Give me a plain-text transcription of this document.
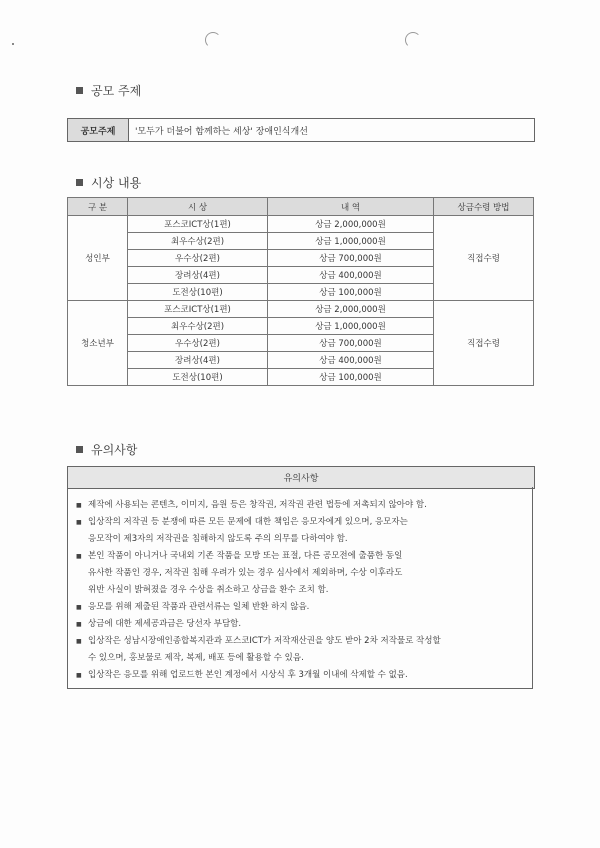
공모 주제
공모주제	'모두가 더불어 함께하는 세상' 장애인식개선
시상 내용
구 분	시 상	내 역	상금수령 방법
성인부	포스코ICT상(1편)	상금 2,000,000원	직접수령
	최우수상(2편)	상금 1,000,000원	
	우수상(2편)	상금 700,000원	
	장려상(4편)	상금 400,000원	
	도전상(10편)	상금 100,000원	
청소년부	포스코ICT상(1편)	상금 2,000,000원	직접수령
	최우수상(2편)	상금 1,000,000원	
	우수상(2편)	상금 700,000원	
	장려상(4편)	상금 400,000원	
	도전상(10편)	상금 100,000원	
유의사항
유의사항
■ 제작에 사용되는 콘텐츠, 이미지, 음원 등은 창작권, 저작권 관련 법등에 저촉되지 않아야 함.
■ 입상작의 저작권 등 분쟁에 따른 모든 문제에 대한 책임은 응모자에게 있으며, 응모자는
응모작이 제3자의 저작권을 침해하지 않도록 주의 의무를 다하여야 함.
■ 본인 작품이 아니거나 국내외 기존 작품을 모방 또는 표절, 다른 공모전에 출품한 동일
유사한 작품인 경우, 저작권 침해 우려가 있는 경우 심사에서 제외하며, 수상 이후라도
위반 사실이 밝혀졌을 경우 수상을 취소하고 상금을 환수 조치 함.
■ 응모를 위해 제출된 작품과 관련서류는 일체 반환 하지 않음.
■ 상금에 대한 제세공과금은 당선자 부담함.
■ 입상작은 성남시장애인종합복지관과 포스코ICT가 저작재산권을 양도 받아 2차 저작물로 작성할
수 있으며, 홍보물로 제작, 복제, 배포 등에 활용할 수 있음.
■ 입상작은 응모를 위해 업로드한 본인 계정에서 시상식 후 3개월 이내에 삭제할 수 없음.
